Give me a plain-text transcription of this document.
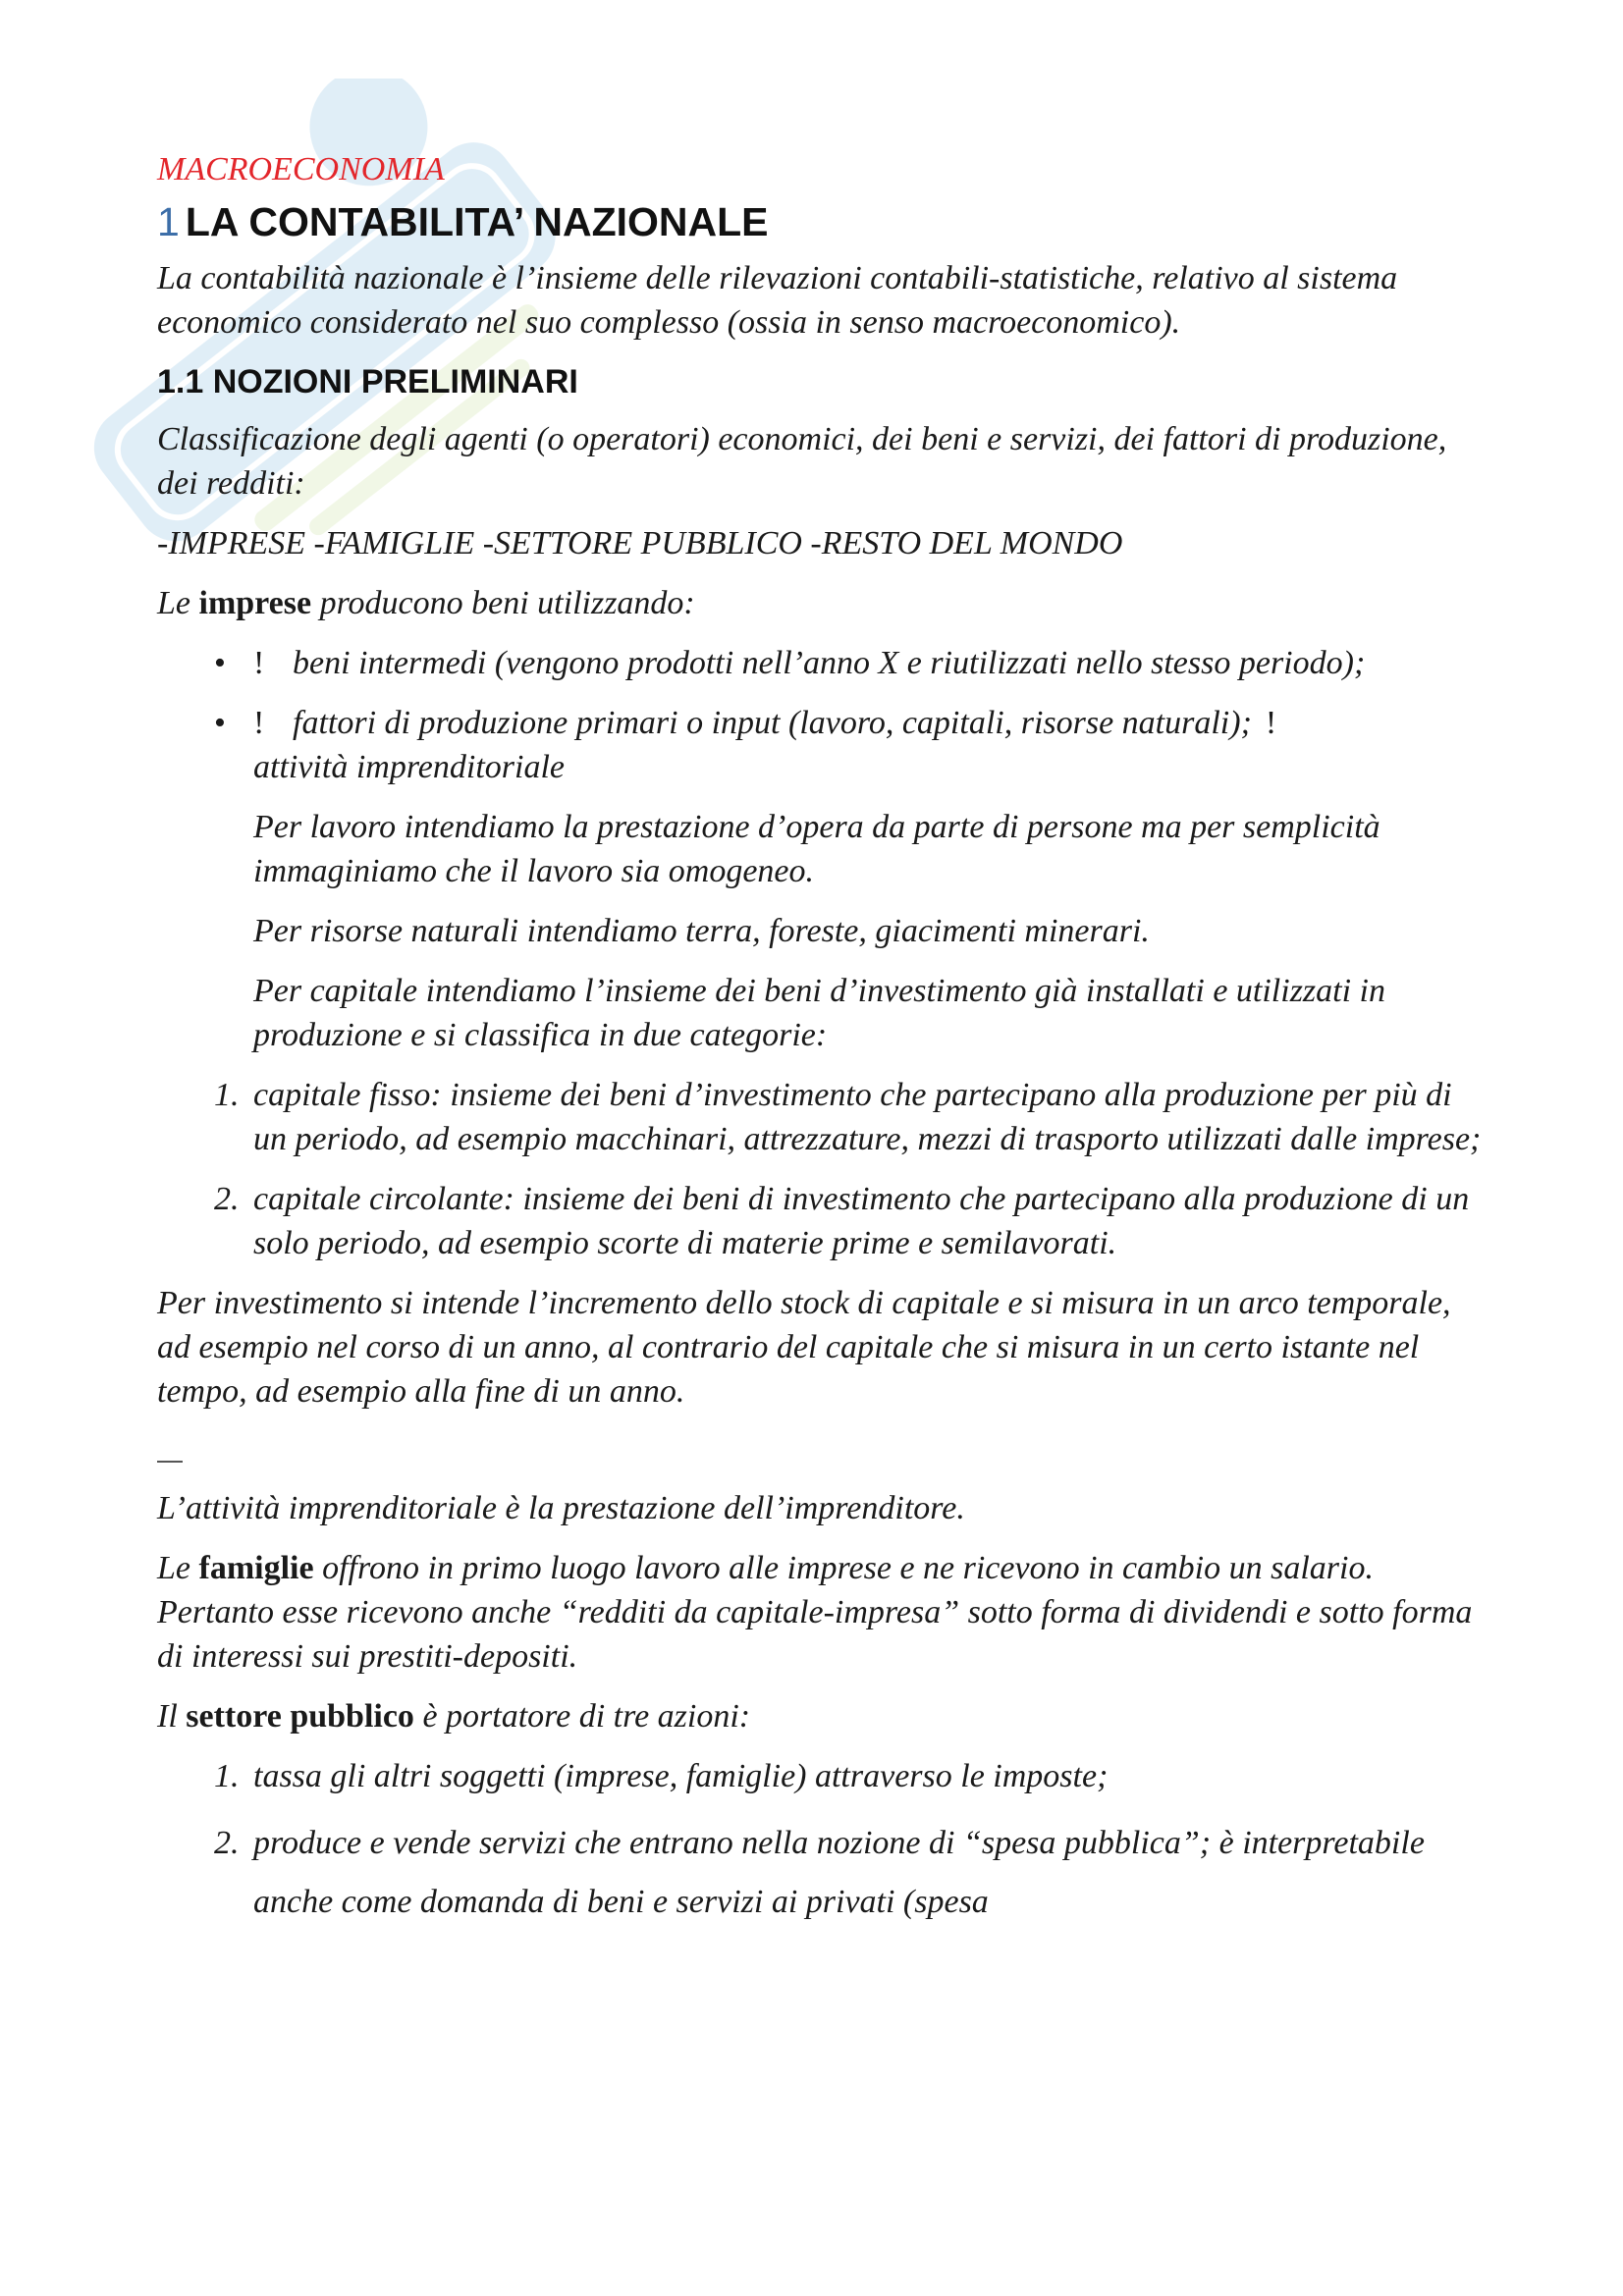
MACROECONOMIA
1 LA CONTABILITA’ NAZIONALE

La contabilità nazionale è l’insieme delle rilevazioni contabili-statistiche, relativo al sistema economico considerato nel suo complesso (ossia in senso macroeconomico).

1.1 NOZIONI PRELIMINARI

Classificazione degli agenti (o operatori) economici, dei beni e servizi, dei fattori di produzione, dei redditi:

-IMPRESE -FAMIGLIE -SETTORE PUBBLICO -RESTO DEL MONDO

Le imprese producono beni utilizzando:

• ! beni intermedi (vengono prodotti nell’anno X e riutilizzati nello stesso periodo);
• ! fattori di produzione primari o input (lavoro, capitali, risorse naturali); !
attività imprenditoriale

Per lavoro intendiamo la prestazione d’opera da parte di persone ma per semplicità immaginiamo che il lavoro sia omogeneo.

Per risorse naturali intendiamo terra, foreste, giacimenti minerari.

Per capitale intendiamo l’insieme dei beni d’investimento già installati e utilizzati in produzione e si classifica in due categorie:

1. capitale fisso: insieme dei beni d’investimento che partecipano alla produzione per più di un periodo, ad esempio macchinari, attrezzature, mezzi di trasporto utilizzati dalle imprese;
2. capitale circolante: insieme dei beni di investimento che partecipano alla produzione di un solo periodo, ad esempio scorte di materie prime e semilavorati.

Per investimento si intende l’incremento dello stock di capitale e si misura in un arco temporale, ad esempio nel corso di un anno, al contrario del capitale che si misura in un certo istante nel tempo, ad esempio alla fine di un anno.

L’attività imprenditoriale è la prestazione dell’imprenditore.

Le famiglie offrono in primo luogo lavoro alle imprese e ne ricevono in cambio un salario. Pertanto esse ricevono anche “redditi da capitale-impresa” sotto forma di dividendi e sotto forma di interessi sui prestiti-depositi.

Il settore pubblico è portatore di tre azioni:

1. tassa gli altri soggetti (imprese, famiglie) attraverso le imposte;
2. produce e vende servizi che entrano nella nozione di “spesa pubblica”; è interpretabile anche come domanda di beni e servizi ai privati (spesa
